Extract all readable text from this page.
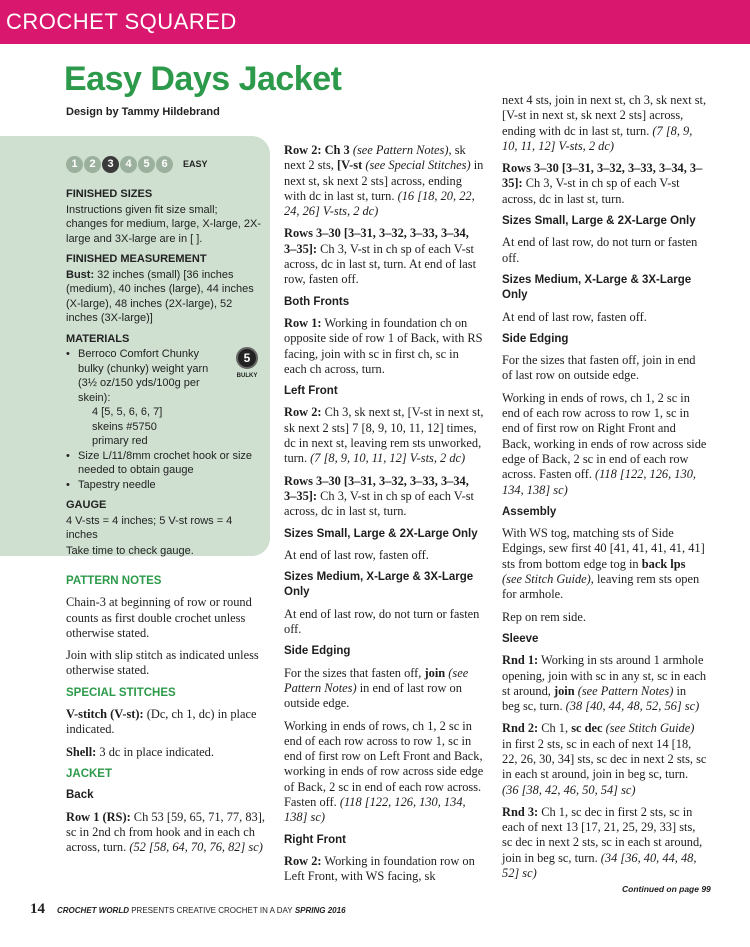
CROCHET SQUARED
Easy Days Jacket
Design by Tammy Hildebrand
1	2	3	4	5	6	EASY
FINISHED SIZES
Instructions given fit size small; changes for medium, large, X-large, 2X-large and 3X-large are in [ ].
FINISHED MEASUREMENT
Bust: 32 inches (small) [36 inches (medium), 40 inches (large), 44 inches (X-large), 48 inches (2X-large), 52 inches (3X-large)]
MATERIALS
5
BULKY
• Berroco Comfort Chunky bulky (chunky) weight yarn (3½ oz/150 yds/100g per skein):
4 [5, 5, 6, 6, 7] skeins #5750 primary red
• Size L/11/8mm crochet hook or size needed to obtain gauge
• Tapestry needle
GAUGE
4 V-sts = 4 inches; 5 V-st rows = 4 inches
Take time to check gauge.
PATTERN NOTES

Chain-3 at beginning of row or round counts as first double crochet unless otherwise stated.

Join with slip stitch as indicated unless otherwise stated.

SPECIAL STITCHES

V-stitch (V-st): (Dc, ch 1, dc) in place indicated.

Shell: 3 dc in place indicated.

JACKET
Back

Row 1 (RS): Ch 53 [59, 65, 71, 77, 83], sc in 2nd ch from hook and in each ch across, turn. (52 [58, 64, 70, 76, 82] sc)

Row 2: Ch 3 (see Pattern Notes), sk next 2 sts, [V-st (see Special Stitches) in next st, sk next 2 sts] across, ending with dc in last st, turn. (16 [18, 20, 22, 24, 26] V-sts, 2 dc)

Rows 3–30 [3–31, 3–32, 3–33, 3–34, 3–35]: Ch 3, V-st in ch sp of each V-st across, dc in last st, turn. At end of last row, fasten off.

Both Fronts

Row 1: Working in foundation ch on opposite side of row 1 of Back, with RS facing, join with sc in first ch, sc in each ch across, turn.

Left Front

Row 2: Ch 3, sk next st, [V-st in next st, sk next 2 sts] 7 [8, 9, 10, 11, 12] times, dc in next st, leaving rem sts unworked, turn. (7 [8, 9, 10, 11, 12] V-sts, 2 dc)

Rows 3–30 [3–31, 3–32, 3–33, 3–34, 3–35]: Ch 3, V-st in ch sp of each V-st across, dc in last st, turn.

Sizes Small, Large & 2X-Large Only

At end of last row, fasten off.

Sizes Medium, X-Large & 3X-Large Only

At end of last row, do not turn or fasten off.

Side Edging

For the sizes that fasten off, join (see Pattern Notes) in end of last row on outside edge.

Working in ends of rows, ch 1, 2 sc in end of each row across to row 1, sc in end of first row on Left Front and Back, working in ends of row across side edge of Back, 2 sc in end of each row across. Fasten off. (118 [122, 126, 130, 134, 138] sc)

Right Front

Row 2: Working in foundation row on Left Front, with WS facing, sk

next 4 sts, join in next st, ch 3, sk next st, [V-st in next st, sk next 2 sts] across, ending with dc in last st, turn. (7 [8, 9, 10, 11, 12] V-sts, 2 dc)

Rows 3–30 [3–31, 3–32, 3–33, 3–34, 3–35]: Ch 3, V-st in ch sp of each V-st across, dc in last st, turn.

Sizes Small, Large & 2X-Large Only

At end of last row, do not turn or fasten off.

Sizes Medium, X-Large & 3X-Large Only

At end of last row, fasten off.

Side Edging

For the sizes that fasten off, join in end of last row on outside edge.

Working in ends of rows, ch 1, 2 sc in end of each row across to row 1, sc in end of first row on Right Front and Back, working in ends of row across side edge of Back, 2 sc in end of each row across. Fasten off. (118 [122, 126, 130, 134, 138] sc)

Assembly

With WS tog, matching sts of Side Edgings, sew first 40 [41, 41, 41, 41, 41] sts from bottom edge tog in back lps (see Stitch Guide), leaving rem sts open for armhole.

Rep on rem side.

Sleeve

Rnd 1: Working in sts around 1 armhole opening, join with sc in any st, sc in each st around, join (see Pattern Notes) in beg sc, turn. (38 [40, 44, 48, 52, 56] sc)

Rnd 2: Ch 1, sc dec (see Stitch Guide) in first 2 sts, sc in each of next 14 [18, 22, 26, 30, 34] sts, sc dec in next 2 sts, sc in each st around, join in beg sc, turn. (36 [38, 42, 46, 50, 54] sc)

Rnd 3: Ch 1, sc dec in first 2 sts, sc in each of next 13 [17, 21, 25, 29, 33] sts, sc dec in next 2 sts, sc in each st around, join in beg sc, turn. (34 [36, 40, 44, 48, 52] sc)

Continued on page 99
14 CROCHET WORLD PRESENTS CREATIVE CROCHET IN A DAY SPRING 2016
